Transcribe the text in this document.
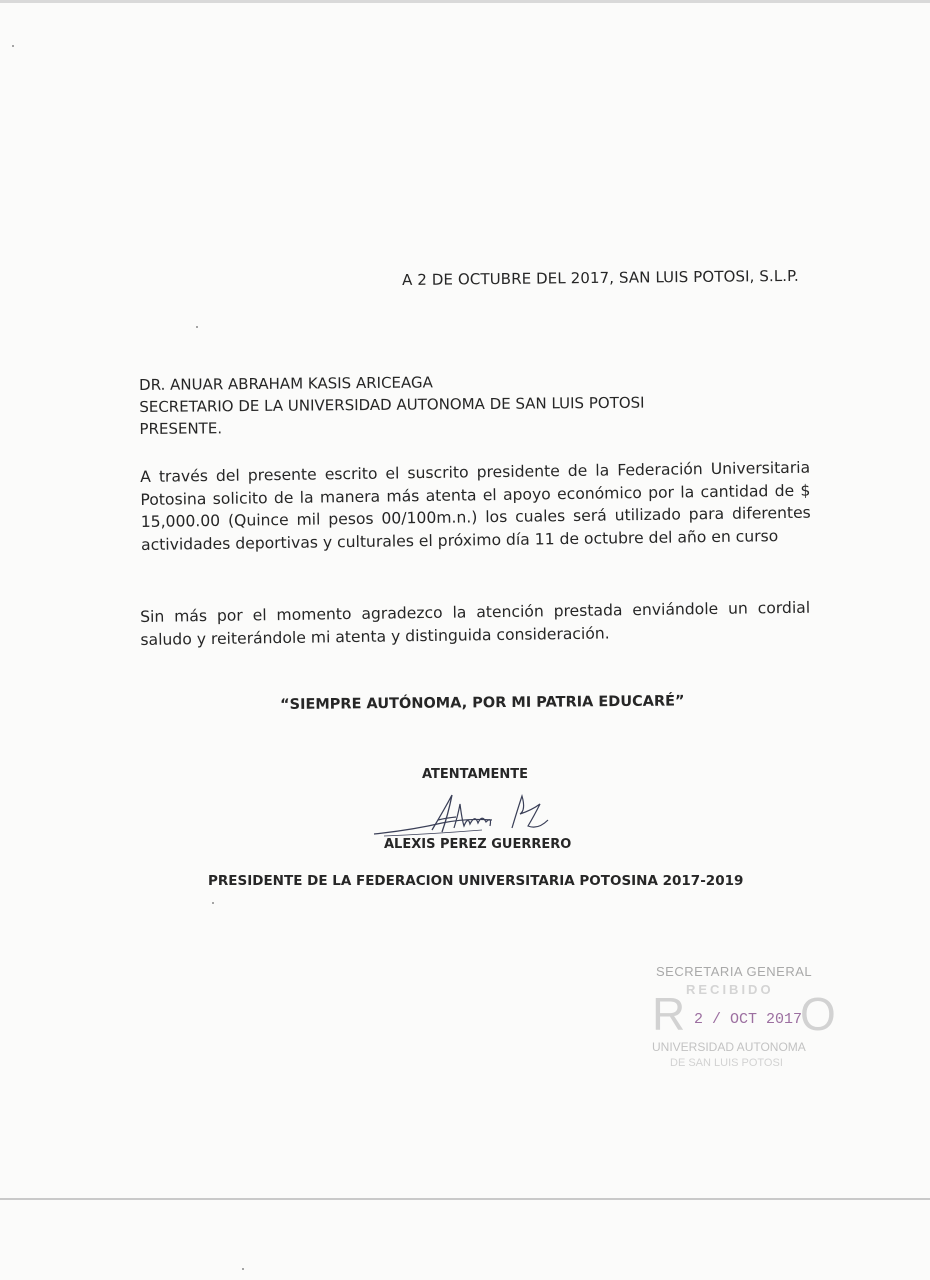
A 2 DE OCTUBRE DEL 2017, SAN LUIS POTOSI, S.L.P.
DR. ANUAR ABRAHAM KASIS ARICEAGA
SECRETARIO DE LA UNIVERSIDAD AUTONOMA DE SAN LUIS POTOSI
PRESENTE.
A través del presente escrito el suscrito presidente de la Federación Universitaria Potosina solicito de la manera más atenta el apoyo económico por la cantidad de $ 15,000.00 (Quince mil pesos 00/100m.n.) los cuales será utilizado para diferentes actividades deportivas y culturales el próximo día 11 de octubre del año en curso
Sin más por el momento agradezco la atención prestada enviándole un cordial saludo y reiterándole mi atenta y distinguida consideración.
“SIEMPRE AUTÓNOMA, POR MI PATRIA EDUCARÉ”
ATENTAMENTE
ALEXIS PEREZ GUERRERO
PRESIDENTE DE LA FEDERACION UNIVERSITARIA POTOSINA 2017-2019
SECRETARIA GENERAL
RECIBIDO
R O
2 / OCT 2017
UNIVERSIDAD AUTONOMA
DE SAN LUIS POTOSI
